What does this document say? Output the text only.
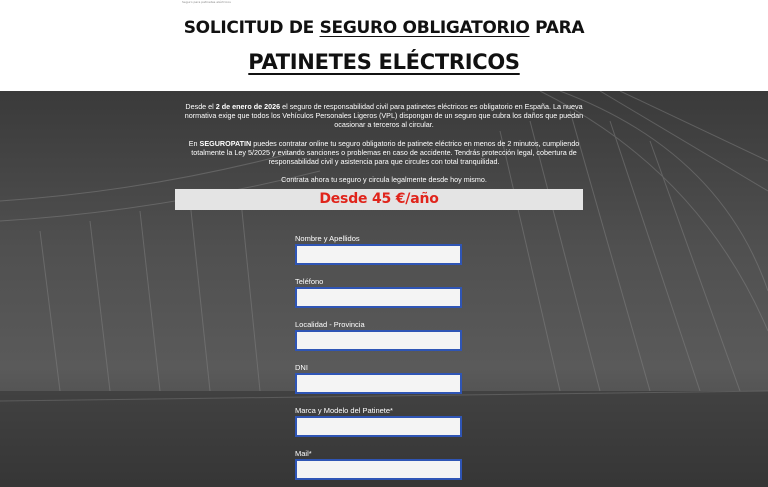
Seguro para patinetes eléctricos
SOLICITUD DE SEGURO OBLIGATORIO PARA
PATINETES ELÉCTRICOS

Desde el 2 de enero de 2026 el seguro de responsabilidad civil para patinetes eléctricos es obligatorio en España. La nueva normativa exige que todos los Vehículos Personales Ligeros (VPL) dispongan de un seguro que cubra los daños que puedan ocasionar a terceros al circular.

En SEGUROPATIN puedes contratar online tu seguro obligatorio de patinete eléctrico en menos de 2 minutos, cumpliendo totalmente la Ley 5/2025 y evitando sanciones o problemas en caso de accidente. Tendrás protección legal, cobertura de responsabilidad civil y asistencia para que circules con total tranquilidad.

Contrata ahora tu seguro y circula legalmente desde hoy mismo.

Desde 45 €/año
Nombre y Apellidos
Teléfono
Localidad - Provincia
DNI
Marca y Modelo del Patinete*
Mail*
